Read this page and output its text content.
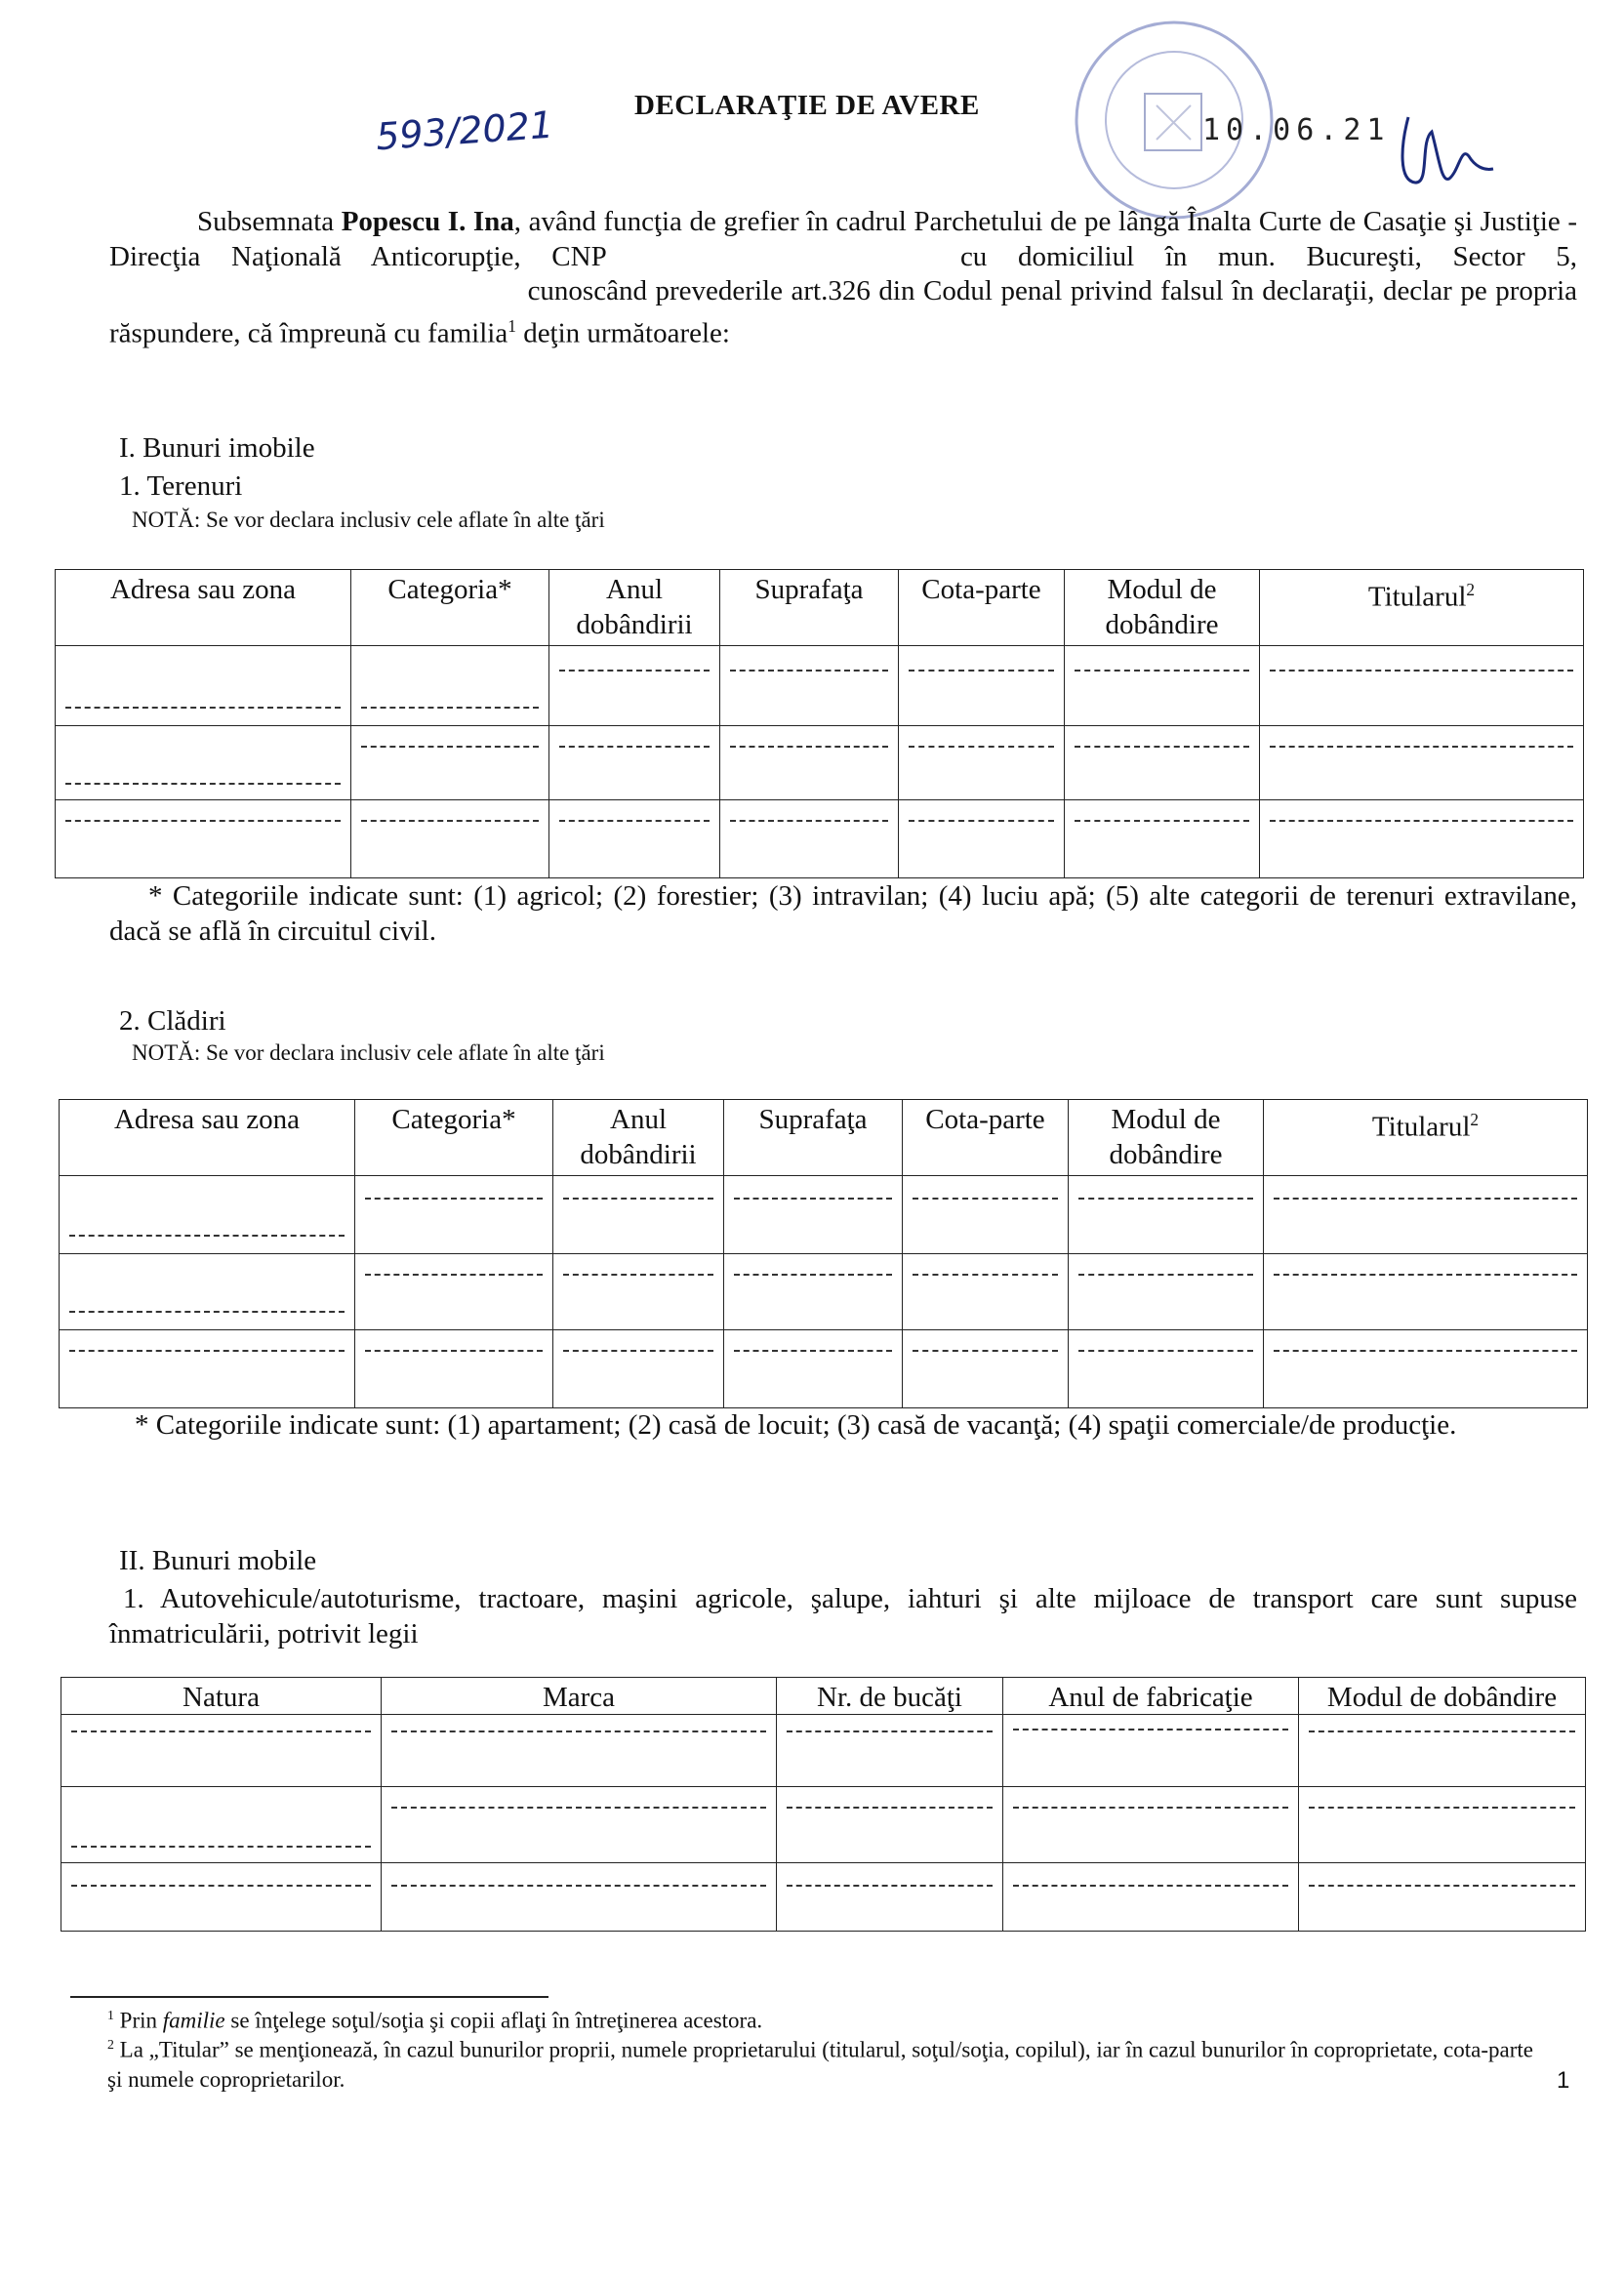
DECLARAŢIE DE AVERE
593/2021	10.06.21

Subsemnata Popescu I. Ina, având funcţia de grefier în cadrul Parchetului de pe lângă Înalta Curte de Casaţie şi Justiţie - Direcţia Naţională Anticorupţie, CNP	cu domiciliul în mun. Bucureşti, Sector 5,  cunoscând prevederile art.326 din Codul penal privind falsul în declaraţii, declar pe propria răspundere, că împreună cu familia$^1$ deţin următoarele:

I. Bunuri imobile
1. Terenuri
NOTĂ: Se vor declara inclusiv cele aflate în alte ţări
Adresa sau zona	Categoria*	Anul dobândirii	Suprafaţa	Cota-parte	Modul de dobândire	Titularul$^2$

* Categoriile indicate sunt: (1) agricol; (2) forestier; (3) intravilan; (4) luciu apă; (5) alte categorii de terenuri extravilane, dacă se află în circuitul civil.
2. Clădiri
NOTĂ: Se vor declara inclusiv cele aflate în alte ţări
Adresa sau zona	Categoria*	Anul dobândirii	Suprafaţa	Cota-parte	Modul de dobândire	Titularul$^2$

* Categoriile indicate sunt: (1) apartament; (2) casă de locuit; (3) casă de vacanţă; (4) spaţii comerciale/de producţie.
II. Bunuri mobile
1. Autovehicule/autoturisme, tractoare, maşini agricole, şalupe, iahturi şi alte mijloace de transport care sunt supuse înmatriculării, potrivit legii
Natura	Marca	Nr. de bucăţi	Anul de fabricaţie	Modul de dobândire

$^1$ Prin familie se înţelege soţul/soţia şi copii aflaţi în întreţinerea acestora.
$^2$ La „Titular” se menţionează, în cazul bunurilor proprii, numele proprietarului (titularul, soţul/soţia, copilul), iar în cazul bunurilor în coproprietate, cota-parte şi numele coproprietarilor.	1
